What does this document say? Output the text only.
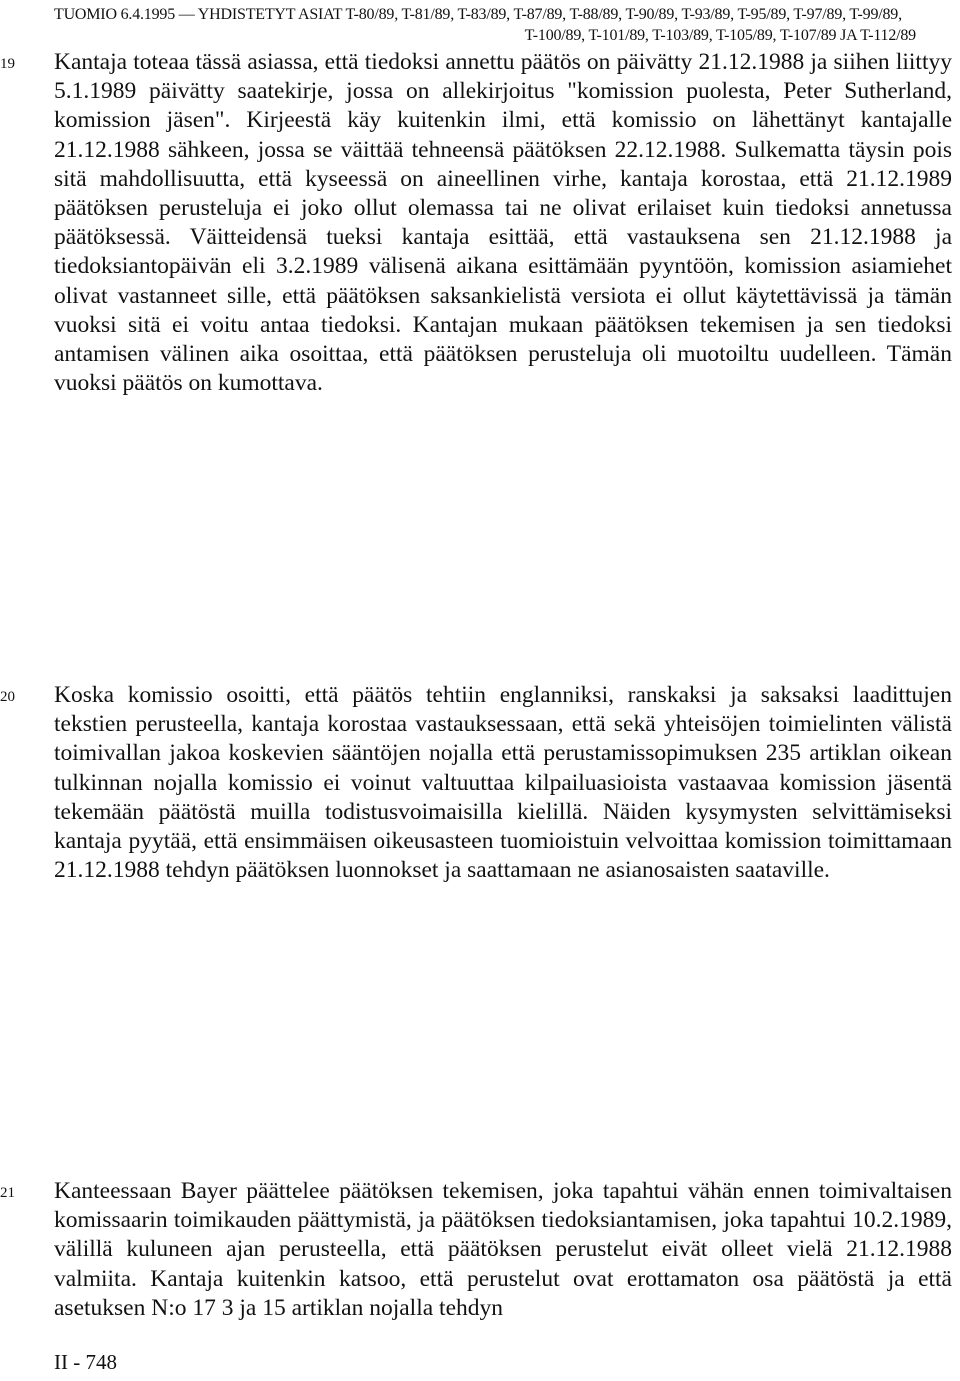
TUOMIO 6.4.1995 — YHDISTETYT ASIAT T-80/89, T-81/89, T-83/89, T-87/89, T-88/89, T-90/89, T-93/89, T-95/89, T-97/89, T-99/89,
T-100/89, T-101/89, T-103/89, T-105/89, T-107/89 JA T-112/89
19	Kantaja toteaa tässä asiassa, että tiedoksi annettu päätös on päivätty 21.12.1988 ja siihen liittyy 5.1.1989 päivätty saatekirje, jossa on allekirjoitus "komission puolesta, Peter Sutherland, komission jäsen". Kirjeestä käy kuitenkin ilmi, että komissio on lähettänyt kantajalle 21.12.1988 sähkeen, jossa se väittää tehneensä päätöksen 22.12.1988. Sulkematta täysin pois sitä mahdollisuutta, että kyseessä on aineellinen virhe, kantaja korostaa, että 21.12.1989 päätöksen perusteluja ei joko ollut olemassa tai ne olivat erilaiset kuin tiedoksi annetussa päätöksessä. Väitteidensä tueksi kantaja esittää, että vastauksena sen 21.12.1988 ja tiedoksiantopäivän eli 3.2.1989 välisenä aikana esittämään pyyntöön, komission asiamiehet olivat vastanneet sille, että päätöksen saksankielistä versiota ei ollut käytettävissä ja tämän vuoksi sitä ei voitu antaa tiedoksi. Kantajan mukaan päätöksen tekemisen ja sen tiedoksi antamisen välinen aika osoittaa, että päätöksen perusteluja oli muotoiltu uudelleen. Tämän vuoksi päätös on kumottava.
20	Koska komissio osoitti, että päätös tehtiin englanniksi, ranskaksi ja saksaksi laadittujen tekstien perusteella, kantaja korostaa vastauksessaan, että sekä yhteisöjen toimielinten välistä toimivallan jakoa koskevien sääntöjen nojalla että perustamissopimuksen 235 artiklan oikean tulkinnan nojalla komissio ei voinut valtuuttaa kilpailuasioista vastaavaa komission jäsentä tekemään päätöstä muilla todistusvoimaisilla kielillä. Näiden kysymysten selvittämiseksi kantaja pyytää, että ensimmäisen oikeusasteen tuomioistuin velvoittaa komission toimittamaan 21.12.1988 tehdyn päätöksen luonnokset ja saattamaan ne asianosaisten saataville.
21	Kanteessaan Bayer päättelee päätöksen tekemisen, joka tapahtui vähän ennen toimivaltaisen komissaarin toimikauden päättymistä, ja päätöksen tiedoksiantamisen, joka tapahtui 10.2.1989, välillä kuluneen ajan perusteella, että päätöksen perustelut eivät olleet vielä 21.12.1988 valmiita. Kantaja kuitenkin katsoo, että perustelut ovat erottamaton osa päätöstä ja että asetuksen N:o 17 3 ja 15 artiklan nojalla tehdyn
II - 748
